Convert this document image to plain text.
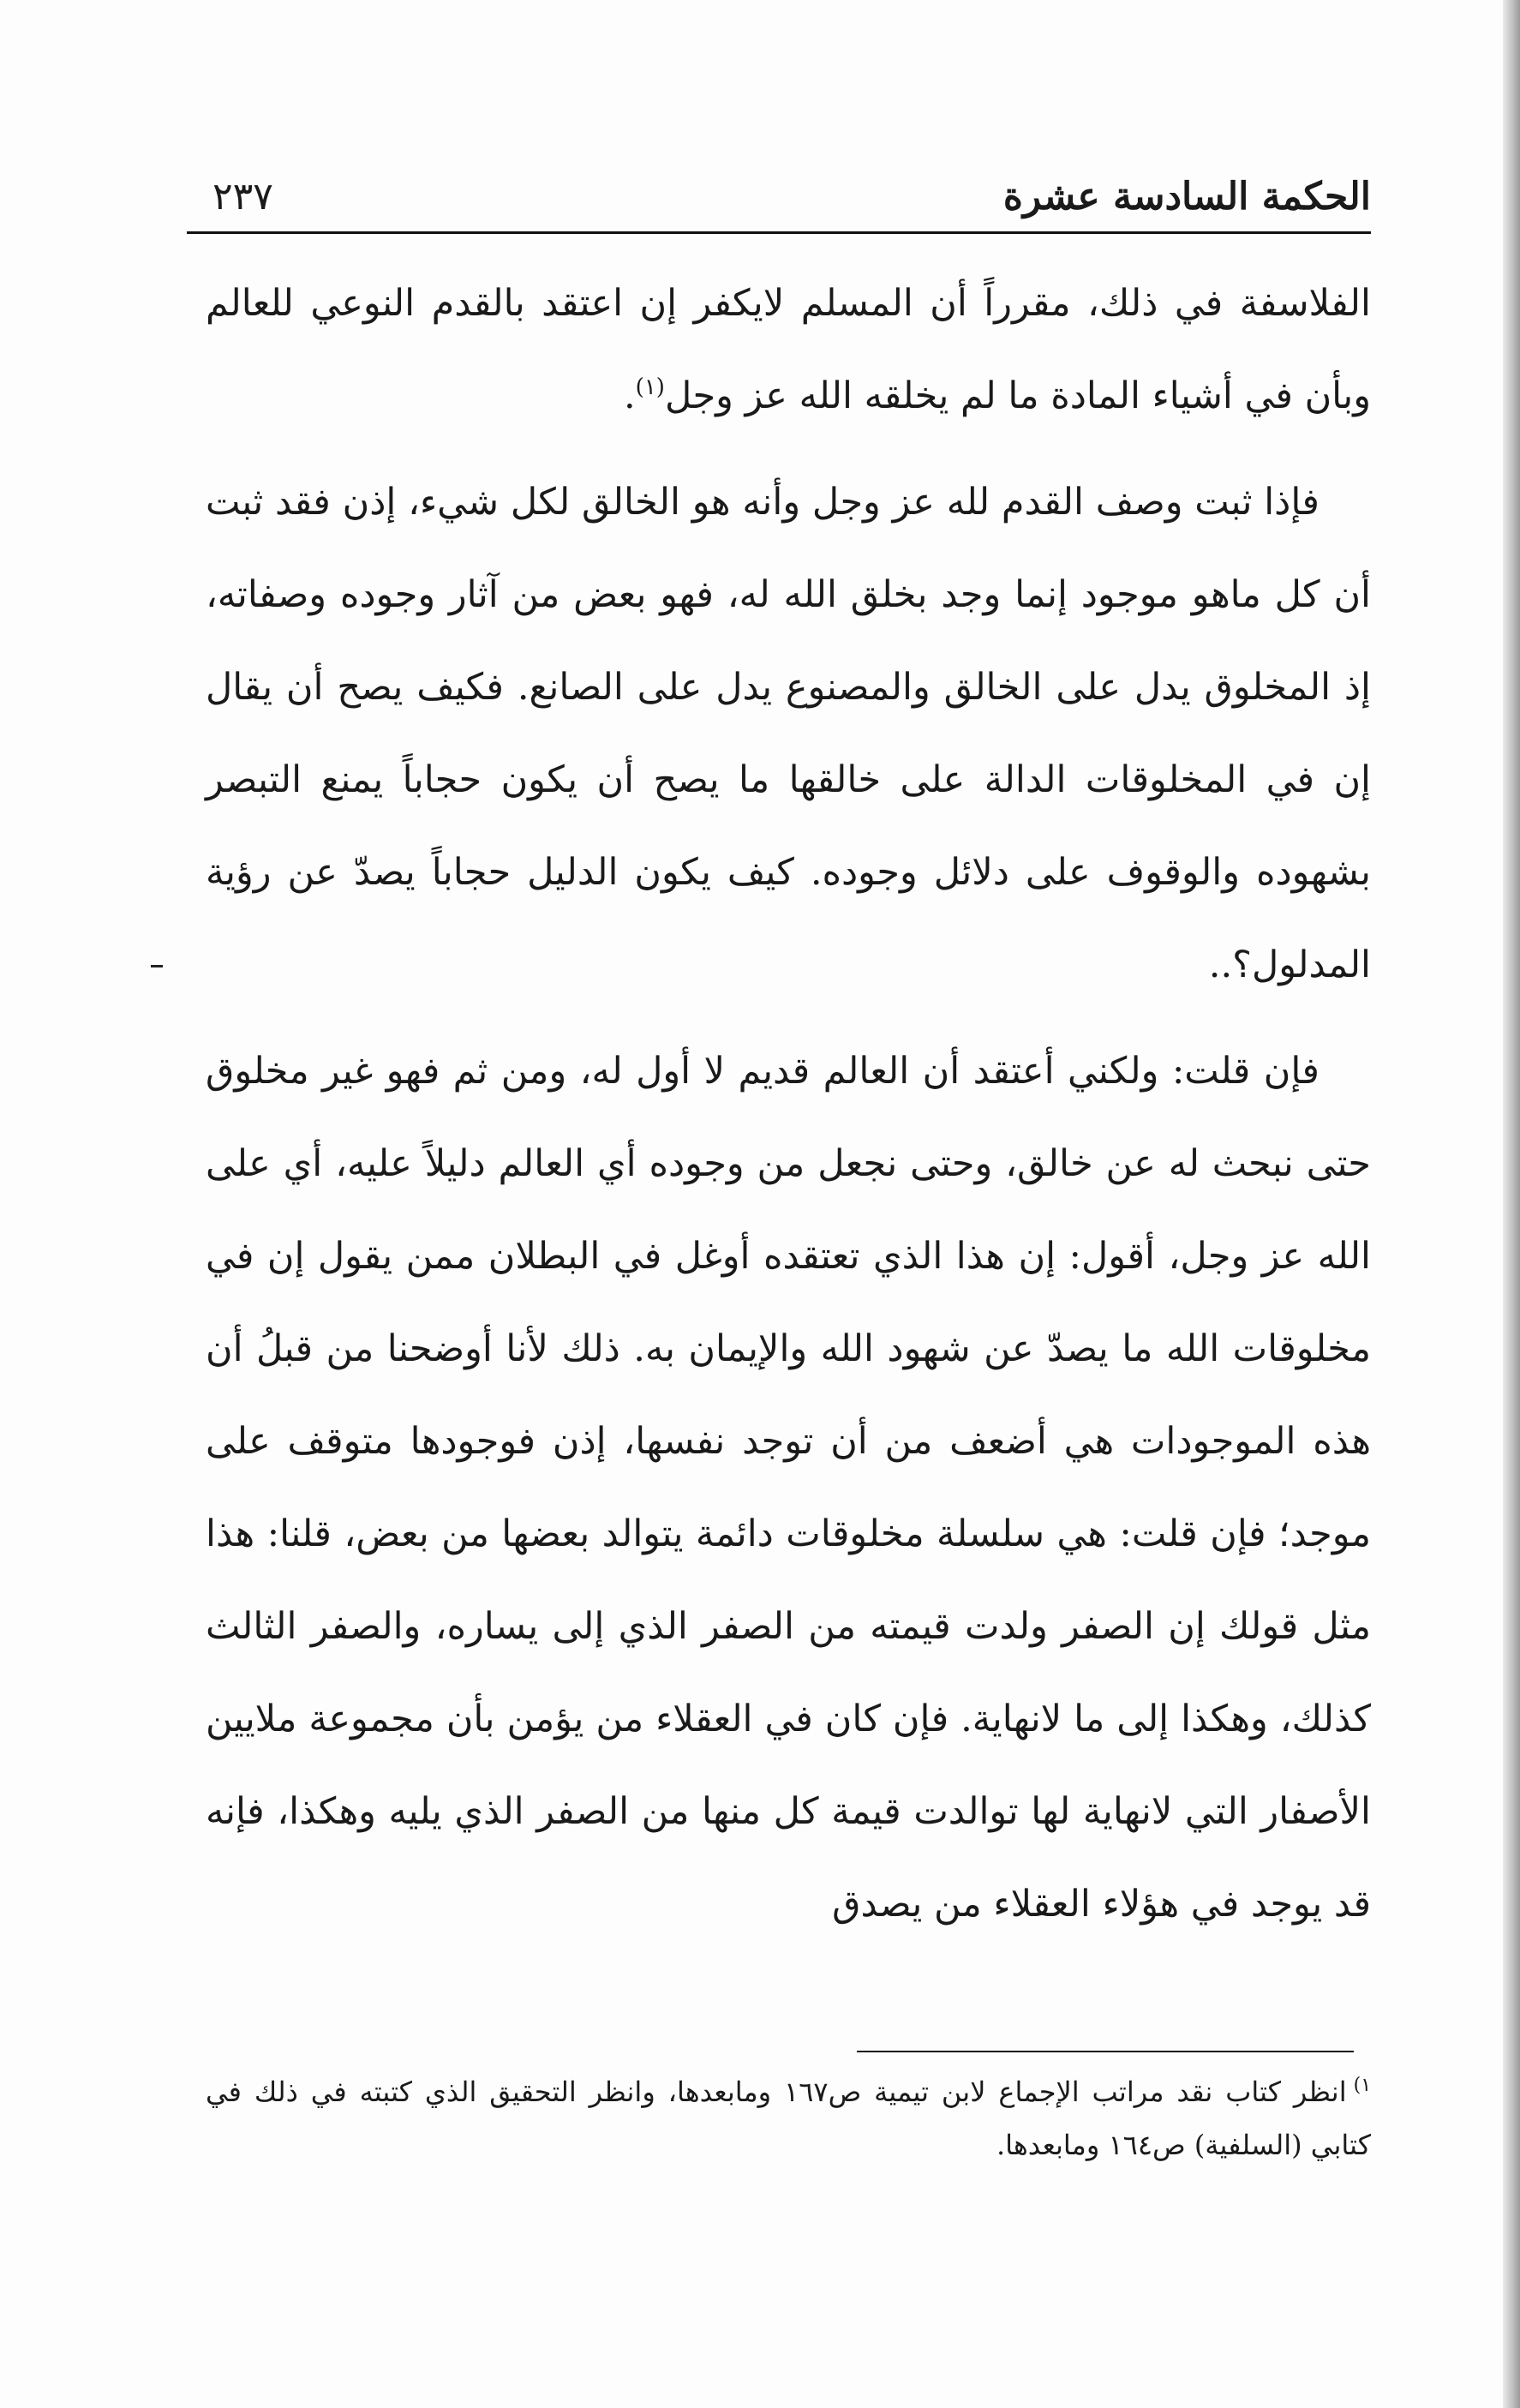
الحكمة السادسة عشرة
٢٣٧

الفلاسفة في ذلك، مقرراً أن المسلم لايكفر إن اعتقد بالقدم النوعي للعالم وبأن في أشياء المادة ما لم يخلقه الله عز وجل$^{(١)}$.

فإذا ثبت وصف القدم لله عز وجل وأنه هو الخالق لكل شيء، إذن فقد ثبت أن كل ماهو موجود إنما وجد بخلق الله له، فهو بعض من آثار وجوده وصفاته، إذ المخلوق يدل على الخالق والمصنوع يدل على الصانع. فكيف يصح أن يقال إن في المخلوقات الدالة على خالقها ما يصح أن يكون حجاباً يمنع التبصر بشهوده والوقوف على دلائل وجوده. كيف يكون الدليل حجاباً يصدّ عن رؤية المدلول؟..

فإن قلت: ولكني أعتقد أن العالم قديم لا أول له، ومن ثم فهو غير مخلوق حتى نبحث له عن خالق، وحتى نجعل من وجوده أي العالم دليلاً عليه، أي على الله عز وجل، أقول: إن هذا الذي تعتقده أوغل في البطلان ممن يقول إن في مخلوقات الله ما يصدّ عن شهود الله والإيمان به. ذلك لأنا أوضحنا من قبلُ أن هذه الموجودات هي أضعف من أن توجد نفسها، إذن فوجودها متوقف على موجد؛ فإن قلت: هي سلسلة مخلوقات دائمة يتوالد بعضها من بعض، قلنا: هذا مثل قولك إن الصفر ولدت قيمته من الصفر الذي إلى يساره، والصفر الثالث كذلك، وهكذا إلى ما لانهاية. فإن كان في العقلاء من يؤمن بأن مجموعة ملايين الأصفار التي لانهاية لها توالدت قيمة كل منها من الصفر الذي يليه وهكذا، فإنه قد يوجد في هؤلاء العقلاء من يصدق

$^{١)}$انظر كتاب نقد مراتب الإجماع لابن تيمية ص١٦٧ ومابعدها، وانظر التحقيق الذي كتبته في ذلك في كتابي (السلفية) ص١٦٤ ومابعدها.
